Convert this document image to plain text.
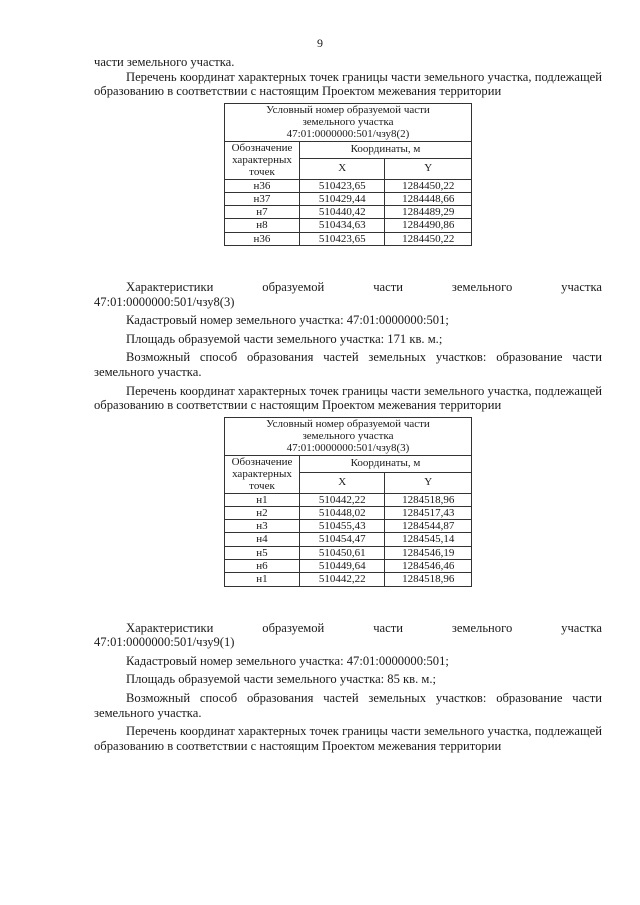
9

части земельного участка.

Перечень координат характерных точек границы части земельного участка, подлежащей образованию в соответствии с настоящим Проектом межевания территории

Условный номер образуемой части
земельного участка
47:01:0000000:501/чзу8(2)		
Обозначение характерных точек	Координаты, м	
	X	Y
н36	510423,65	1284450,22
н37	510429,44	1284448,66
н7	510440,42	1284489,29
н8	510434,63	1284490,86
н36	510423,65	1284450,22

Характеристики образуемой части земельного участка

47:01:0000000:501/чзу8(3)

Кадастровый номер земельного участка: 47:01:0000000:501;

Площадь образуемой части земельного участка: 171 кв. м.;

Возможный способ образования частей земельных участков: образование части земельного участка.

Перечень координат характерных точек границы части земельного участка, подлежащей образованию в соответствии с настоящим Проектом межевания территории

Условный номер образуемой части
земельного участка
47:01:0000000:501/чзу8(3)		
Обозначение характерных точек	Координаты, м	
	X	Y
н1	510442,22	1284518,96
н2	510448,02	1284517,43
н3	510455,43	1284544,87
н4	510454,47	1284545,14
н5	510450,61	1284546,19
н6	510449,64	1284546,46
н1	510442,22	1284518,96

Характеристики образуемой части земельного участка

47:01:0000000:501/чзу9(1)

Кадастровый номер земельного участка: 47:01:0000000:501;

Площадь образуемой части земельного участка: 85 кв. м.;

Возможный способ образования частей земельных участков: образование части земельного участка.

Перечень координат характерных точек границы части земельного участка, подлежащей образованию в соответствии с настоящим Проектом межевания территории
